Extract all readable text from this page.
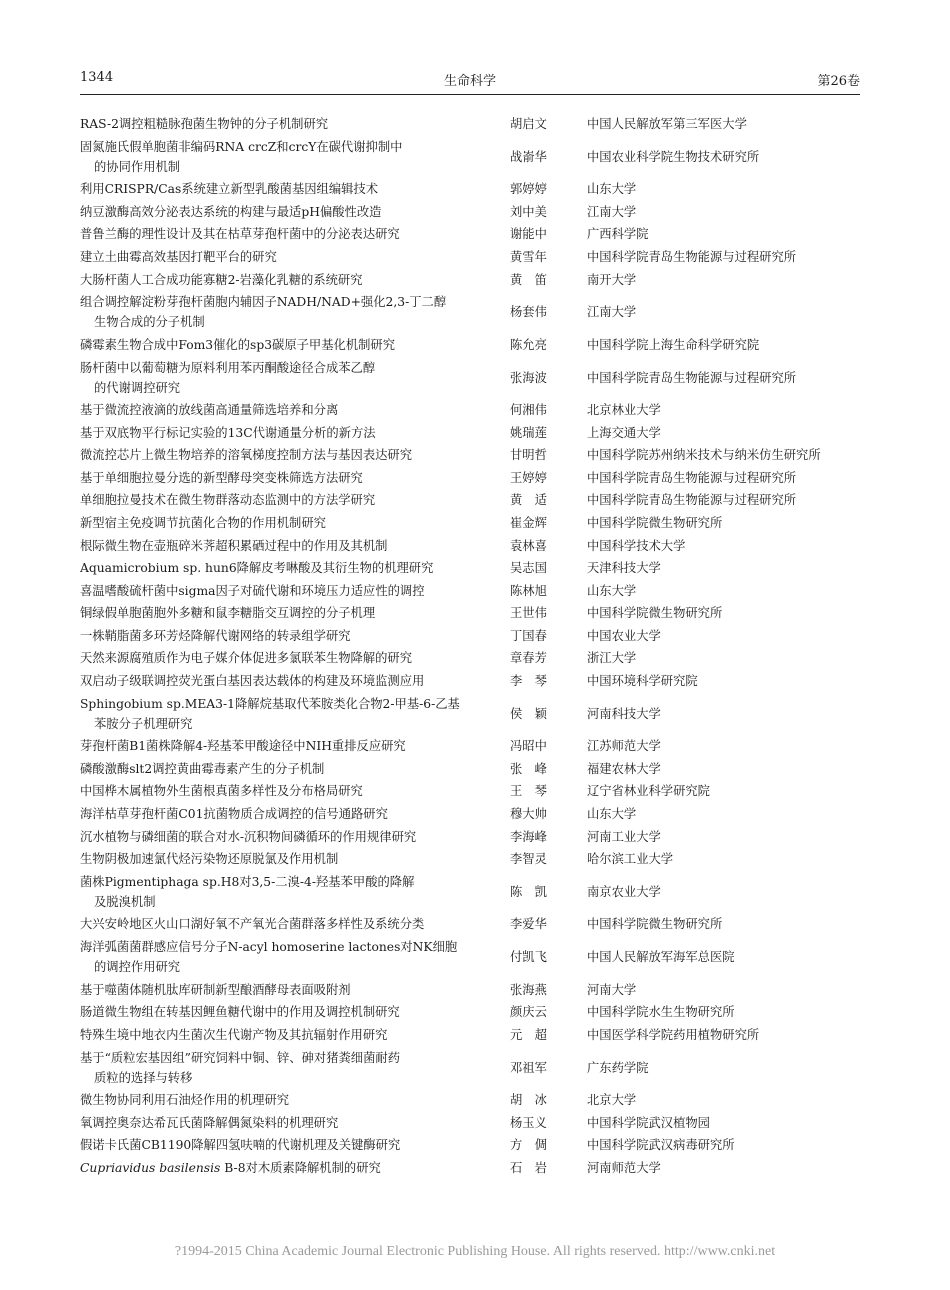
1344	生命科学	第26卷
RAS-2调控粗糙脉孢菌生物钟的分子机制研究	胡启文	中国人民解放军第三军医大学
固氮施氏假单胞菌非编码RNA crcZ和crcY在碳代谢抑制中
的协同作用机制
战嵛华	中国农业科学院生物技术研究所
利用CRISPR/Cas系统建立新型乳酸菌基因组编辑技术	郭婷婷	山东大学
纳豆激酶高效分泌表达系统的构建与最适pH偏酸性改造	刘中美	江南大学
普鲁兰酶的理性设计及其在枯草芽孢杆菌中的分泌表达研究	谢能中	广西科学院
建立土曲霉高效基因打靶平台的研究	黄雪年	中国科学院青岛生物能源与过程研究所
大肠杆菌人工合成功能寡糖2-岩藻化乳糖的系统研究	黄　笛	南开大学
组合调控解淀粉芽孢杆菌胞内辅因子NADH/NAD+强化2,3-丁二醇
生物合成的分子机制
杨套伟	江南大学
磷霉素生物合成中Fom3催化的sp3碳原子甲基化机制研究	陈允亮	中国科学院上海生命科学研究院
肠杆菌中以葡萄糖为原料利用苯丙酮酸途径合成苯乙醇
的代谢调控研究
张海波	中国科学院青岛生物能源与过程研究所
基于微流控液滴的放线菌高通量筛选培养和分离	何湘伟	北京林业大学
基于双底物平行标记实验的13C代谢通量分析的新方法	姚瑞莲	上海交通大学
微流控芯片上微生物培养的溶氧梯度控制方法与基因表达研究	甘明哲	中国科学院苏州纳米技术与纳米仿生研究所
基于单细胞拉曼分选的新型酵母突变株筛选方法研究	王婷婷	中国科学院青岛生物能源与过程研究所
单细胞拉曼技术在微生物群落动态监测中的方法学研究	黄　适	中国科学院青岛生物能源与过程研究所
新型宿主免疫调节抗菌化合物的作用机制研究	崔金辉	中国科学院微生物研究所
根际微生物在壶瓶碎米荠超积累硒过程中的作用及其机制	袁林喜	中国科学技术大学
Aquamicrobium sp. hun6降解皮考啉酸及其衍生物的机理研究	吴志国	天津科技大学
喜温嗜酸硫杆菌中sigma因子对硫代谢和环境压力适应性的调控	陈林旭	山东大学
铜绿假单胞菌胞外多糖和鼠李糖脂交互调控的分子机理	王世伟	中国科学院微生物研究所
一株鞘脂菌多环芳烃降解代谢网络的转录组学研究	丁国春	中国农业大学
天然来源腐殖质作为电子媒介体促进多氯联苯生物降解的研究	章春芳	浙江大学
双启动子级联调控荧光蛋白基因表达载体的构建及环境监测应用	李　琴	中国环境科学研究院
Sphingobium sp.MEA3-1降解烷基取代苯胺类化合物2-甲基-6-乙基
苯胺分子机理研究
侯　颖	河南科技大学
芽孢杆菌B1菌株降解4-羟基苯甲酸途径中NIH重排反应研究	冯昭中	江苏师范大学
磷酸激酶slt2调控黄曲霉毒素产生的分子机制	张　峰	福建农林大学
中国桦木属植物外生菌根真菌多样性及分布格局研究	王　琴	辽宁省林业科学研究院
海洋枯草芽孢杆菌C01抗菌物质合成调控的信号通路研究	穆大帅	山东大学
沉水植物与磷细菌的联合对水-沉积物间磷循环的作用规律研究	李海峰	河南工业大学
生物阴极加速氯代烃污染物还原脱氯及作用机制	李智灵	哈尔滨工业大学
菌株Pigmentiphaga sp.H8对3,5-二溴-4-羟基苯甲酸的降解
及脱溴机制
陈　凯	南京农业大学
大兴安岭地区火山口湖好氧不产氧光合菌群落多样性及系统分类	李爱华	中国科学院微生物研究所
海洋弧菌菌群感应信号分子N-acyl homoserine lactones对NK细胞
的调控作用研究
付凯飞	中国人民解放军海军总医院
基于噬菌体随机肽库研制新型酿酒酵母表面吸附剂	张海燕	河南大学
肠道微生物组在转基因鲤鱼糖代谢中的作用及调控机制研究	颜庆云	中国科学院水生生物研究所
特殊生境中地衣内生菌次生代谢产物及其抗辐射作用研究	元　超	中国医学科学院药用植物研究所
基于“质粒宏基因组”研究饲料中铜、锌、砷对猪粪细菌耐药
质粒的选择与转移
邓祖军	广东药学院
微生物协同利用石油烃作用的机理研究	胡　冰	北京大学
氧调控奥奈达希瓦氏菌降解偶氮染料的机理研究	杨玉义	中国科学院武汉植物园
假诺卡氏菌CB1190降解四氢呋喃的代谢机理及关键酶研究	方　倜	中国科学院武汉病毒研究所
Cupriavidus basilensis B-8对木质素降解机制的研究	石　岩	河南师范大学
?1994-2015 China Academic Journal Electronic Publishing House. All rights reserved. http://www.cnki.net
